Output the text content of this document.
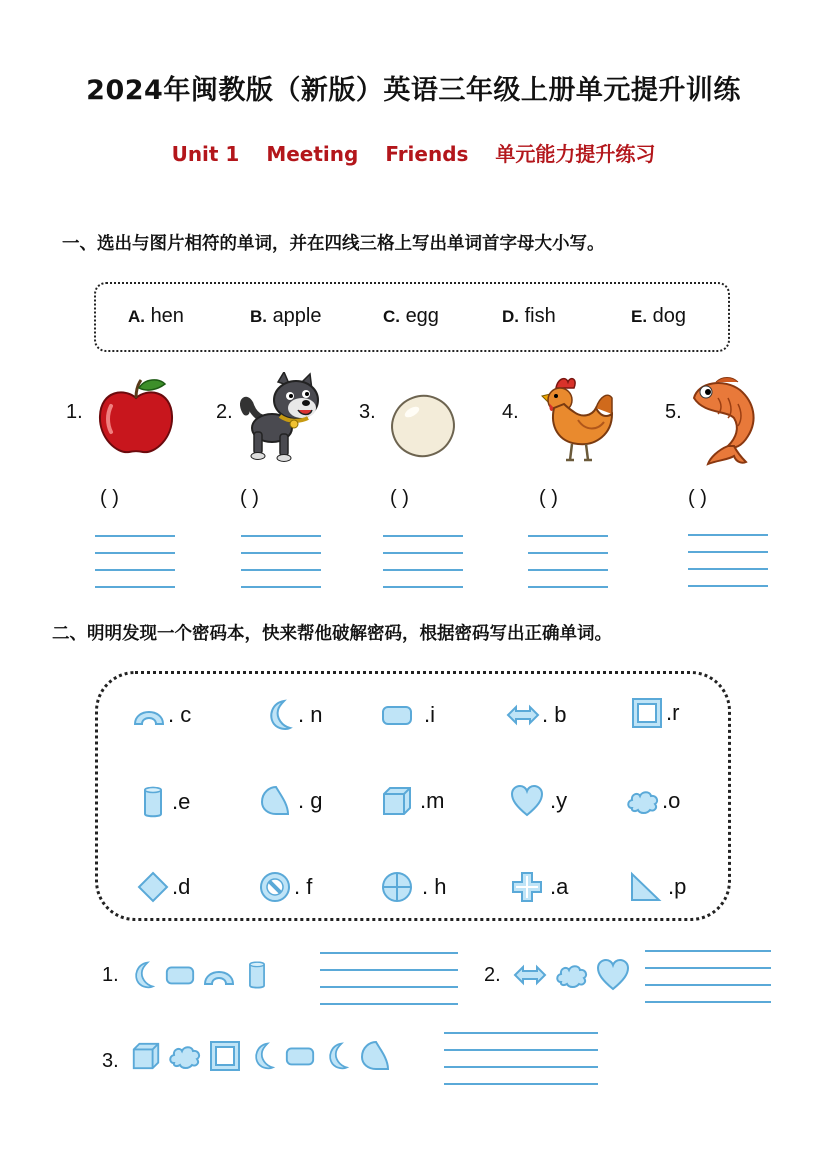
2024年闽教版（新版）英语三年级上册单元提升训练
Unit 1 Meeting Friends 单元能力提升练习
一、选出与图片相符的单词，并在四线三格上写出单词首字母大小写。
A. hen	B. apple	C. egg	D. fish	E. dog
1.	2.	3.	4.	5.
( )	( )	( )	( )	( )
二、明明发现一个密码本，快来帮他破解密码，根据密码写出正确单词。
. c	. n	.i	. b	.r
.e	. g	.m	.y	.o
.d	. f	. h	.a	.p
1.	2.
3.
